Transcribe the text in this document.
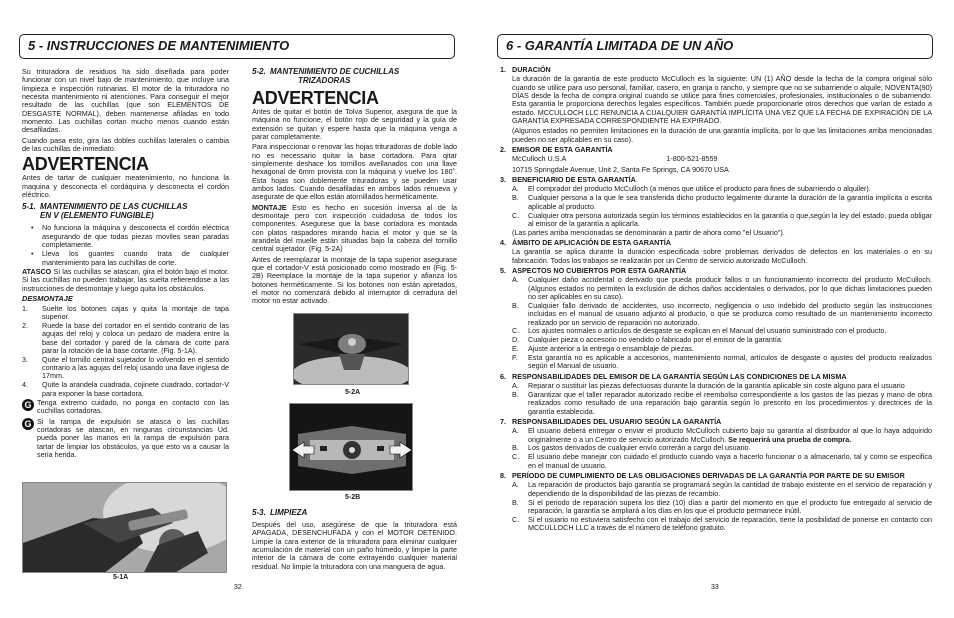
5 - INSTRUCCIONES DE MANTENIMIENTO	6 - GARANTÍA LIMITADA DE UN AÑO

Su trituradora de residuos ha sido diseñada para poder funcionar con un nivel bajo de mantenimiento, que incluye una limpieza e inspección rutinarias. El motor de la trituradora no necesita mantenimiento ni atenciones. Para conseguir el mejor resultado de las cuchillas (que son ELEMENTOS DE DESGASTE NORMAL), deben mantenerse afiladas en todo momento. Las cuchillas cortan mucho menos cuando están desafiladas.

Cuando pasa esto, gira las dobles cuchillas laterales o cambia de las cuchillas de inmediato.

ADVERTENCIA

Antes de tartar de cualquier meatenimiento, no funciona la maquina y desconecta el cordáquina y desconecta el cordón eléctrico.

5-1. MANTENIMIENTO DE LAS CUCHILLAS
EN V (ELEMENTO FUNGIBLE)
• No funciona la máquina y desconecta el cordón eléctrica asegurando de que todas piezas moviles sean paradas completamente.
• Lleva los guantes cuando trata de cualquier mantenimiento para las cuchillas de corte.

ATASCO Si las cuchillas se atascan, gira el botón bajo el motor. Si las cuchillas no pueden trabajar, las suelta refierendose a las instrucciones de desmontaje y luego quita los obstáculos.

DESMONTAJE
1. Suelte los botones cajas y quita la montaje de tapa superior.
2. Ruede la base del cortador en el sentido contrario de las agujas del reloj y coloca un pedazo de madera entre la base del cortador y pared de la cámara de corte para parar la rotación de la base cortante. (Fig. 5-1A).
3. Quite el tornillo central sujetador lo volvendo en el sentido contrario a las agujas del reloj usando una llave inglesa de 17mm.
4. Quite la arandela cuadrada, cojinete cuadrado, cortador-V para exponer la base cortadora.
G Tenga extremo cuidado, no ponga en contacto con las cuchillas cortadoras.
G Si la rampa de expulsión se atasca o las cuchillas cortadoras se atascan, en ningunas circunstancias Ud. pueda poner las manos en la rampa de expulsión para tartar de limpiar los obstáculos, ya que esto va a causar la seria herida.
5-1A
32
5-2. MANTENIMIENTO DE CUCHILLAS
TRIZADORAS
ADVERTENCIA

Antes de quitar el botón de Tolva Superior, asegura de que la máquina no funcione, el botón rojo de seguridad y la guía de extensión se quitan y espere hasta que la máquina venga a parar completamente.

Para inspeccionar o renovar las hojas trituradoras de doble lado no es necessario quitar la base cortadora. Para qitar simplemente deshace los tornillos avellanados con una llave hexagonal de 6mm provista con la máquina y vuelve los 180˚. Esta hojas son doblemente trituradoras y se pueden usar ambos lados. Cuando desafiladas en ambos lados renueva y asegurate de que ellos están atornillados herméticamente.

MONTAJE Esto es hecho en sucesión inversa al de la desmontaje pero con inspección cuidadosa de todos los componentes. Asegurese que la base cortadora es montada con platos raspadores mirando hacia el motor y que se la arandela del muelle están situadas bajo la cabeza del tornillo central sujetador. (Fig. 5-2A)

Antes de reemplazar la montaje de la tapa superior asegurase que el cortador-V está posicionado como mostrado en (Fig. 5-2B) Reemplace la montaje de la tapa superior y afianza los botones herméticamente. Si los botones non están apretados, el motor no comenzará debido al interruptor di cerradura del motor no estar activado.

5-2A
5-2B
5-3. LIMPIEZA

Después del uso, asegúrese de que la trituradora está APAGADA, DESENCHUFADA y con el MOTOR DETENIDO. Limpie la cara exterior de la trituradora para eliminar cualquier acumulación de material con un paño húmedo, y limpie la parte interior de la cámara de corte extrayendo cualquier material residual. No limpie la trituradora con una manguera de agua.

1. DURACIÓN

La duración de la garantía de este producto McCulloch es la siguiente: UN (1) AÑO desde la fecha de la compra original sólo cuando se utilice para uso personal, familiar, casero, en granja o rancho, y siempre que no se subarriende o alquile; NOVENTA(90) DÍAS desde la fecha de compra original cuando se utilice para fines comerciales, profesionales, institucionales o de subarriendo. Esta garantía le proporciona derechos legales específicos. También puede proporcionarle otros derechos que varían de estado a estado. MCCULLOCH LLC RENUNCIA A CUALQUIER GARANTÍA IMPLÍCITA UNA VEZ QUE LA FECHA DE EXPIRACIÓN DE LA GARANTÍA EXPRESADA CORRESPONDIENTE HA EXPIRADO.

(Algunos estados no permiten limitaciones en la duración de una garantía implícita, por lo que las limitaciones arriba mencionadas pueden no ser aplicables en su caso).

2. EMISOR DE ESTA GARANTÍA

McCulloch U.S.A	1-800-521-8559

10715 Springdale Avenue, Unit 2, Santa Fe Springs, CA 90670 USA

3. BENEFICIARIO DE ESTA GARANTÍA
A. El comprador del producto McCulloch (a menos que utilice el producto para fines de subarriendo o alquiler).
B. Cualquier persona a la que le sea transferida dicho producto legalmente durante la duración de la garantía implícita o escrita aplicable al producto.
C. Cualquier otra persona autorizada según los términos establecidos en la garantía o que,según la ley del estado, pueda obligar al emisor de la garantía a aplicarla.

(Las partes arriba mencionadas se denominarán a partir de ahora como "el Usuario").

4. ÁMBITO DE APLICACIÓN DE ESTA GARANTÍA

La garantía se aplica durante la duración especificada sobre problemas derivados de defectos en los materiales o en su fabricación. Todos los trabajos se realizarán por un Centro de servicio autorizado McCulloch.

5. ASPECTOS NO CUBIERTOS POR ESTA GARANTÍA
A. Cualquier daño accidental o derivado que pueda producir fallos o un funcionamiento incorrecto del producto McCulloch.(Algunos estados no permiten la exclusión de dichos daños accidentales o derivados, por lo que dichas limitaciones pueden no ser aplicables en su caso).
B. Cualquier fallo derivado de accidentes, uso incorrecto, negligencia o uso indebido del producto según las instrucciones incluidas en el manual de usuario adjunto al producto, o que se produzca como resultado de un mantenimiento incorrecto realizado por un servicio de reparación no autorizado.
C. Los ajustes normales o artículos de desgaste se explican en el Manual del usuario suministrado con el producto.
D. Cualquier pieza o accesorio no vendido o fabricado por el emisor de la garantía.
E. Ajuste anterior a la entrega o ensamblaje de piezas.
F. Esta garantía no es aplicable a accesorios, mantenimiento normal, artículos de desgaste o ajustes del producto realizados según el Manual de usuario.
6. RESPONSABILIDADES DEL EMISOR DE LA GARANTÍA SEGÚN LAS CONDICIONES DE LA MISMA
A. Reparar o sustituir las piezas defectuosas durante la duración de la garantía aplicable sin coste alguno para el usuario
B. Garantizar que el taller reparador autorizado recibe el reembolso correspondiente a los gastos de las piezas y mano de obra realizados como resultado de una reparación bajo garantía según lo prescrito en los procedimientos y directrices de la garantía establecida.
7. RESPONSABILIDADES DEL USUARIO SEGÚN LA GARANTÍA
A. El usuario deberá entregar o enviar el producto McCulloch cubierto bajo su garantía al distribuidor al que lo haya adquirido originalmente o a un Centro de servicio autorizado McCulloch. Se requerirá una prueba de compra.
B. Los gastos derivados de cualquier envío correrán a cargo del usuario.
C. El usuario debe manejar con cuidado el producto cuando vaya a hacerlo funcionar o a almacenarlo, tal y como se especifica en el manual de usuario.
8. PERÍODO DE CUMPLIMIENTO DE LAS OBLIGACIONES DERIVADAS DE LA GARANTÍA POR PARTE DE SU EMISOR
A. La reparación de productos bajo garantía se programará según la cantidad de trabajo existente en el servicio de reparación y dependiendo de la disponibilidad de las piezas de recambio.
B. Si el periodo de reparación supera los diez (10) días a partir del momento en que el producto fue entregado al servicio de reparación, la garantía se ampliará a los días en los que el producto permanece inútil.
C. Si el usuario no estuviera satisfecho con el trabajo del servicio de reparación, tiene la posibilidad de ponerse en contacto con MCCULLOCH LLC a través de el número de teléfono gratuito.
33
